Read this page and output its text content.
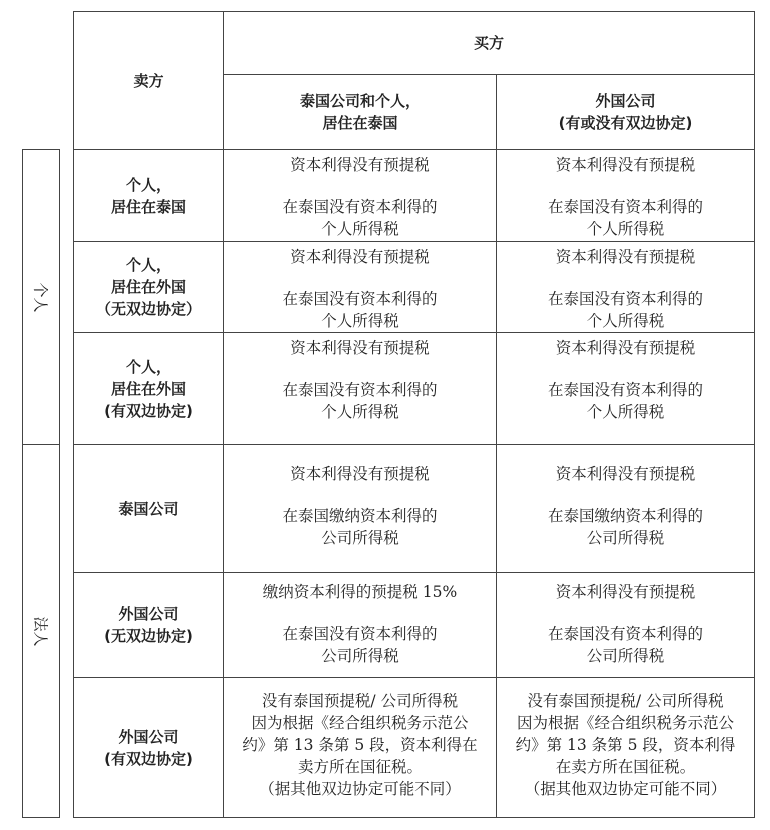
个人
法人
卖方
买方
泰国公司和个人，
居住在泰国
外国公司
(有或没有双边协定)
个人，
居住在泰国
资本利得没有预提税
在泰国没有资本利得的
个人所得税
资本利得没有预提税
在泰国没有资本利得的
个人所得税
个人，
居住在外国
（无双边协定）
资本利得没有预提税
在泰国没有资本利得的
个人所得税
资本利得没有预提税
在泰国没有资本利得的
个人所得税
个人，
居住在外国
(有双边协定)
资本利得没有预提税
在泰国没有资本利得的
个人所得税
资本利得没有预提税
在泰国没有资本利得的
个人所得税
泰国公司
资本利得没有预提税
在泰国缴纳资本利得的
公司所得税
资本利得没有预提税
在泰国缴纳资本利得的
公司所得税
外国公司
(无双边协定)
缴纳资本利得的预提税 15%
在泰国没有资本利得的
公司所得税
资本利得没有预提税
在泰国没有资本利得的
公司所得税
外国公司
(有双边协定)
没有泰国预提税/ 公司所得税
因为根据《经合组织税务示范公
约》第 13 条第 5 段，资本利得在
卖方所在国征税。
（据其他双边协定可能不同）
没有泰国预提税/ 公司所得税
因为根据《经合组织税务示范公
约》第 13 条第 5 段，资本利得
在卖方所在国征税。
（据其他双边协定可能不同）
